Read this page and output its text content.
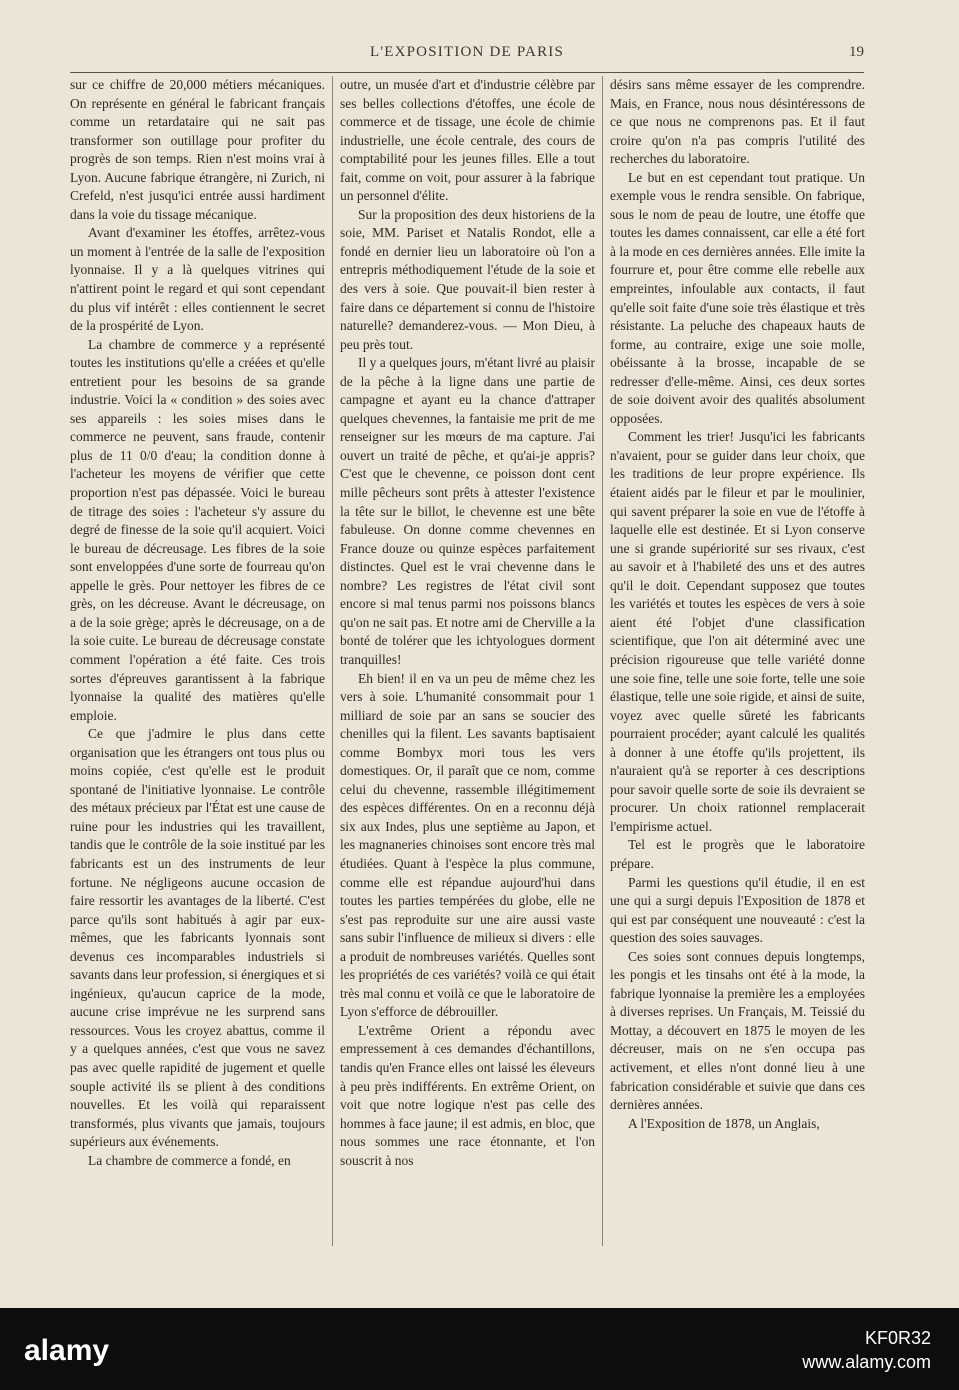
L'EXPOSITION DE PARIS	19

sur ce chiffre de 20,000 métiers mécaniques. On représente en général le fabricant français comme un retardataire qui ne sait pas transformer son outillage pour profiter du progrès de son temps. Rien n'est moins vrai à Lyon. Aucune fabrique étrangère, ni Zurich, ni Crefeld, n'est jusqu'ici entrée aussi hardiment dans la voie du tissage mécanique.

Avant d'examiner les étoffes, arrêtez-vous un moment à l'entrée de la salle de l'exposition lyonnaise. Il y a là quelques vitrines qui n'attirent point le regard et qui sont cependant du plus vif intérêt : elles contiennent le secret de la prospérité de Lyon.

La chambre de commerce y a représenté toutes les institutions qu'elle a créées et qu'elle entretient pour les besoins de sa grande industrie. Voici la « condition » des soies avec ses appareils : les soies mises dans le commerce ne peuvent, sans fraude, contenir plus de 11 0/0 d'eau; la condition donne à l'acheteur les moyens de vérifier que cette proportion n'est pas dépassée. Voici le bureau de titrage des soies : l'acheteur s'y assure du degré de finesse de la soie qu'il acquiert. Voici le bureau de décreusage. Les fibres de la soie sont enveloppées d'une sorte de fourreau qu'on appelle le grès. Pour nettoyer les fibres de ce grès, on les décreuse. Avant le décreusage, on a de la soie grège; après le décreusage, on a de la soie cuite. Le bureau de décreusage constate comment l'opération a été faite. Ces trois sortes d'épreuves garantissent à la fabrique lyonnaise la qualité des matières qu'elle emploie.

Ce que j'admire le plus dans cette organisation que les étrangers ont tous plus ou moins copiée, c'est qu'elle est le produit spontané de l'initiative lyonnaise. Le contrôle des métaux précieux par l'État est une cause de ruine pour les industries qui les travaillent, tandis que le contrôle de la soie institué par les fabricants est un des instruments de leur fortune. Ne négligeons aucune occasion de faire ressortir les avantages de la liberté. C'est parce qu'ils sont habitués à agir par eux-mêmes, que les fabricants lyonnais sont devenus ces incomparables industriels si savants dans leur profession, si énergiques et si ingénieux, qu'aucun caprice de la mode, aucune crise imprévue ne les surprend sans ressources. Vous les croyez abattus, comme il y a quelques années, c'est que vous ne savez pas avec quelle rapidité de jugement et quelle souple activité ils se plient à des conditions nouvelles. Et les voilà qui reparaissent transformés, plus vivants que jamais, toujours supérieurs aux événements.

La chambre de commerce a fondé, en

outre, un musée d'art et d'industrie célèbre par ses belles collections d'étoffes, une école de commerce et de tissage, une école de chimie industrielle, une école centrale, des cours de comptabilité pour les jeunes filles. Elle a tout fait, comme on voit, pour assurer à la fabrique un personnel d'élite.

Sur la proposition des deux historiens de la soie, MM. Pariset et Natalis Rondot, elle a fondé en dernier lieu un laboratoire où l'on a entrepris méthodiquement l'étude de la soie et des vers à soie. Que pouvait-il bien rester à faire dans ce département si connu de l'histoire naturelle? demanderez-vous. — Mon Dieu, à peu près tout.

Il y a quelques jours, m'étant livré au plaisir de la pêche à la ligne dans une partie de campagne et ayant eu la chance d'attraper quelques chevennes, la fantaisie me prit de me renseigner sur les mœurs de ma capture. J'ai ouvert un traité de pêche, et qu'ai-je appris? C'est que le chevenne, ce poisson dont cent mille pêcheurs sont prêts à attester l'existence la tête sur le billot, le chevenne est une bête fabuleuse. On donne comme chevennes en France douze ou quinze espèces parfaitement distinctes. Quel est le vrai chevenne dans le nombre? Les registres de l'état civil sont encore si mal tenus parmi nos poissons blancs qu'on ne sait pas. Et notre ami de Cherville a la bonté de tolérer que les ichtyologues dorment tranquilles!

Eh bien! il en va un peu de même chez les vers à soie. L'humanité consommait pour 1 milliard de soie par an sans se soucier des chenilles qui la filent. Les savants baptisaient comme Bombyx mori tous les vers domestiques. Or, il paraît que ce nom, comme celui du chevenne, rassemble illégitimement des espèces différentes. On en a reconnu déjà six aux Indes, plus une septième au Japon, et les magnaneries chinoises sont encore très mal étudiées. Quant à l'espèce la plus commune, comme elle est répandue aujourd'hui dans toutes les parties tempérées du globe, elle ne s'est pas reproduite sur une aire aussi vaste sans subir l'influence de milieux si divers : elle a produit de nombreuses variétés. Quelles sont les propriétés de ces variétés? voilà ce qui était très mal connu et voilà ce que le laboratoire de Lyon s'efforce de débrouiller.

L'extrême Orient a répondu avec empressement à ces demandes d'échantillons, tandis qu'en France elles ont laissé les éleveurs à peu près indifférents. En extrême Orient, on voit que notre logique n'est pas celle des hommes à face jaune; il est admis, en bloc, que nous sommes une race étonnante, et l'on souscrit à nos

désirs sans même essayer de les comprendre. Mais, en France, nous nous désintéressons de ce que nous ne comprenons pas. Et il faut croire qu'on n'a pas compris l'utilité des recherches du laboratoire.

Le but en est cependant tout pratique. Un exemple vous le rendra sensible. On fabrique, sous le nom de peau de loutre, une étoffe que toutes les dames connaissent, car elle a été fort à la mode en ces dernières années. Elle imite la fourrure et, pour être comme elle rebelle aux empreintes, infoulable aux contacts, il faut qu'elle soit faite d'une soie très élastique et très résistante. La peluche des chapeaux hauts de forme, au contraire, exige une soie molle, obéissante à la brosse, incapable de se redresser d'elle-même. Ainsi, ces deux sortes de soie doivent avoir des qualités absolument opposées.

Comment les trier! Jusqu'ici les fabricants n'avaient, pour se guider dans leur choix, que les traditions de leur propre expérience. Ils étaient aidés par le fileur et par le moulinier, qui savent préparer la soie en vue de l'étoffe à laquelle elle est destinée. Et si Lyon conserve une si grande supériorité sur ses rivaux, c'est au savoir et à l'habileté des uns et des autres qu'il le doit. Cependant supposez que toutes les variétés et toutes les espèces de vers à soie aient été l'objet d'une classification scientifique, que l'on ait déterminé avec une précision rigoureuse que telle variété donne une soie fine, telle une soie forte, telle une soie élastique, telle une soie rigide, et ainsi de suite, voyez avec quelle sûreté les fabricants pourraient procéder; ayant calculé les qualités à donner à une étoffe qu'ils projettent, ils n'auraient qu'à se reporter à ces descriptions pour savoir quelle sorte de soie ils devraient se procurer. Un choix rationnel remplacerait l'empirisme actuel.

Tel est le progrès que le laboratoire prépare.

Parmi les questions qu'il étudie, il en est une qui a surgi depuis l'Exposition de 1878 et qui est par conséquent une nouveauté : c'est la question des soies sauvages.

Ces soies sont connues depuis longtemps, les pongis et les tinsahs ont été à la mode, la fabrique lyonnaise la première les a employées à diverses reprises. Un Français, M. Teissié du Mottay, a découvert en 1875 le moyen de les décreuser, mais on ne s'en occupa pas activement, et elles n'ont donné lieu à une fabrication considérable et suivie que dans ces dernières années.

A l'Exposition de 1878, un Anglais,

alamy	KF0R32
www.alamy.com
